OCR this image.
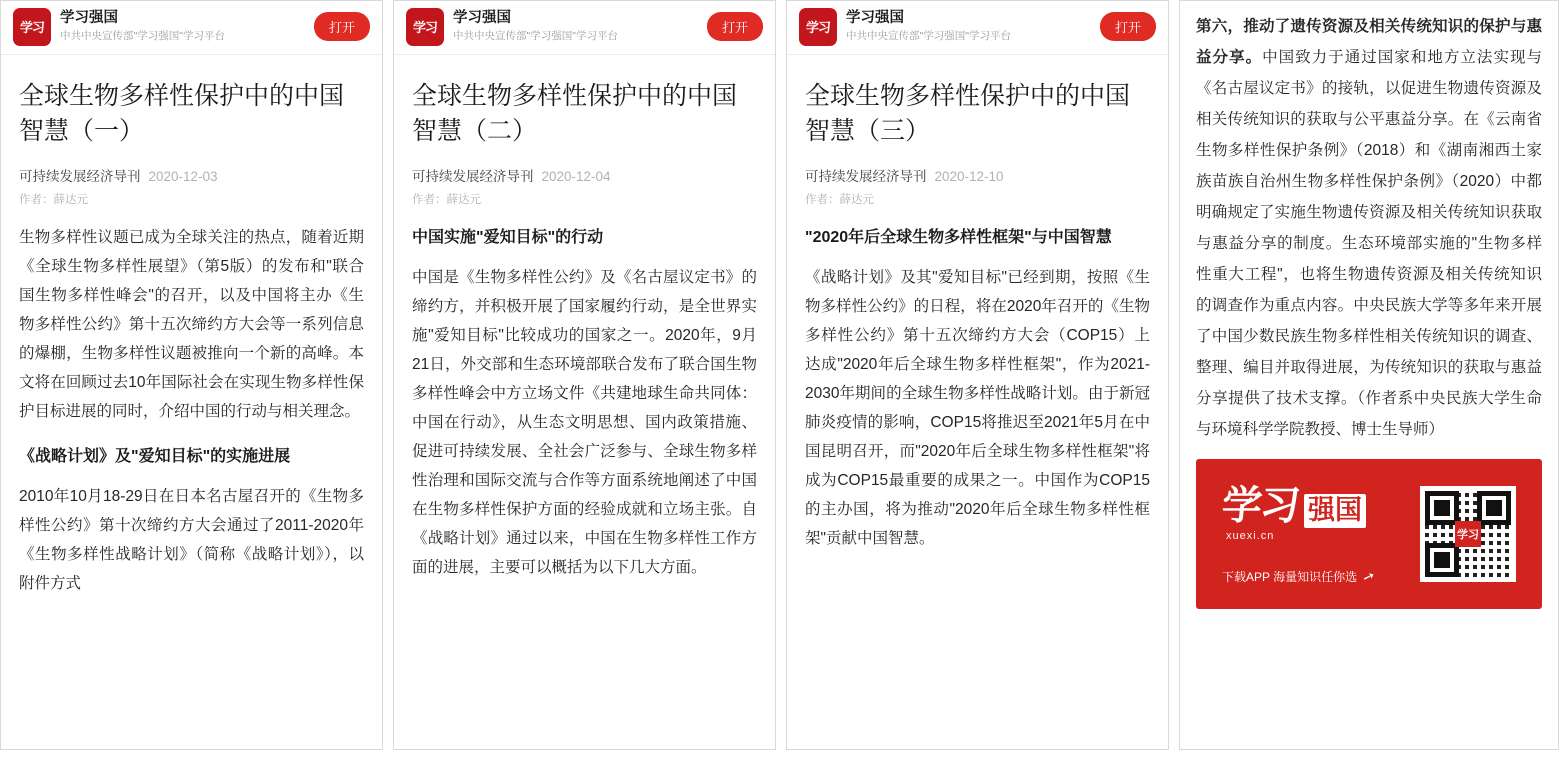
学习
学习强国
中共中央宣传部"学习强国"学习平台
打开
全球生物多样性保护中的中国智慧（一）
可持续发展经济导刊 2020-12-03
作者：薛达元

生物多样性议题已成为全球关注的热点，随着近期《全球生物多样性展望》（第5版）的发布和"联合国生物多样性峰会"的召开，以及中国将主办《生物多样性公约》第十五次缔约方大会等一系列信息的爆棚，生物多样性议题被推向一个新的高峰。本文将在回顾过去10年国际社会在实现生物多样性保护目标进展的同时，介绍中国的行动与相关理念。

《战略计划》及"爱知目标"的实施进展

2010年10月18-29日在日本名古屋召开的《生物多样性公约》第十次缔约方大会通过了2011-2020年《生物多样性战略计划》（简称《战略计划》），以附件方式

学习
学习强国
中共中央宣传部"学习强国"学习平台
打开
全球生物多样性保护中的中国智慧（二）
可持续发展经济导刊 2020-12-04
作者：薛达元
中国实施"爱知目标"的行动

中国是《生物多样性公约》及《名古屋议定书》的缔约方，并积极开展了国家履约行动，是全世界实施"爱知目标"比较成功的国家之一。2020年，9月21日，外交部和生态环境部联合发布了联合国生物多样性峰会中方立场文件《共建地球生命共同体：中国在行动》，从生态文明思想、国内政策措施、促进可持续发展、全社会广泛参与、全球生物多样性治理和国际交流与合作等方面系统地阐述了中国在生物多样性保护方面的经验成就和立场主张。自《战略计划》通过以来，中国在生物多样性工作方面的进展，主要可以概括为以下几大方面。

学习
学习强国
中共中央宣传部"学习强国"学习平台
打开
全球生物多样性保护中的中国智慧（三）
可持续发展经济导刊 2020-12-10
作者：薛达元
"2020年后全球生物多样性框架"与中国智慧

《战略计划》及其"爱知目标"已经到期，按照《生物多样性公约》的日程，将在2020年召开的《生物多样性公约》第十五次缔约方大会（COP15）上达成"2020年后全球生物多样性框架"，作为2021-2030年期间的全球生物多样性战略计划。由于新冠肺炎疫情的影响，COP15将推迟至2021年5月在中国昆明召开，而"2020年后全球生物多样性框架"将成为COP15最重要的成果之一。中国作为COP15的主办国，将为推动"2020年后全球生物多样性框架"贡献中国智慧。

第六，推动了遗传资源及相关传统知识的保护与惠益分享。中国致力于通过国家和地方立法实现与《名古屋议定书》的接轨，以促进生物遗传资源及相关传统知识的获取与公平惠益分享。在《云南省生物多样性保护条例》（2018）和《湖南湘西土家族苗族自治州生物多样性保护条例》（2020）中都明确规定了实施生物遗传资源及相关传统知识获取与惠益分享的制度。生态环境部实施的"生物多样性重大工程"，也将生物遗传资源及相关传统知识的调查作为重点内容。中央民族大学等多年来开展了中国少数民族生物多样性相关传统知识的调查、整理、编目并取得进展，为传统知识的获取与惠益分享提供了技术支撑。（作者系中央民族大学生命与环境科学学院教授、博士生导师）

学习 强国
xuexi.cn
下载APP 海量知识任你选 ➚
学习
